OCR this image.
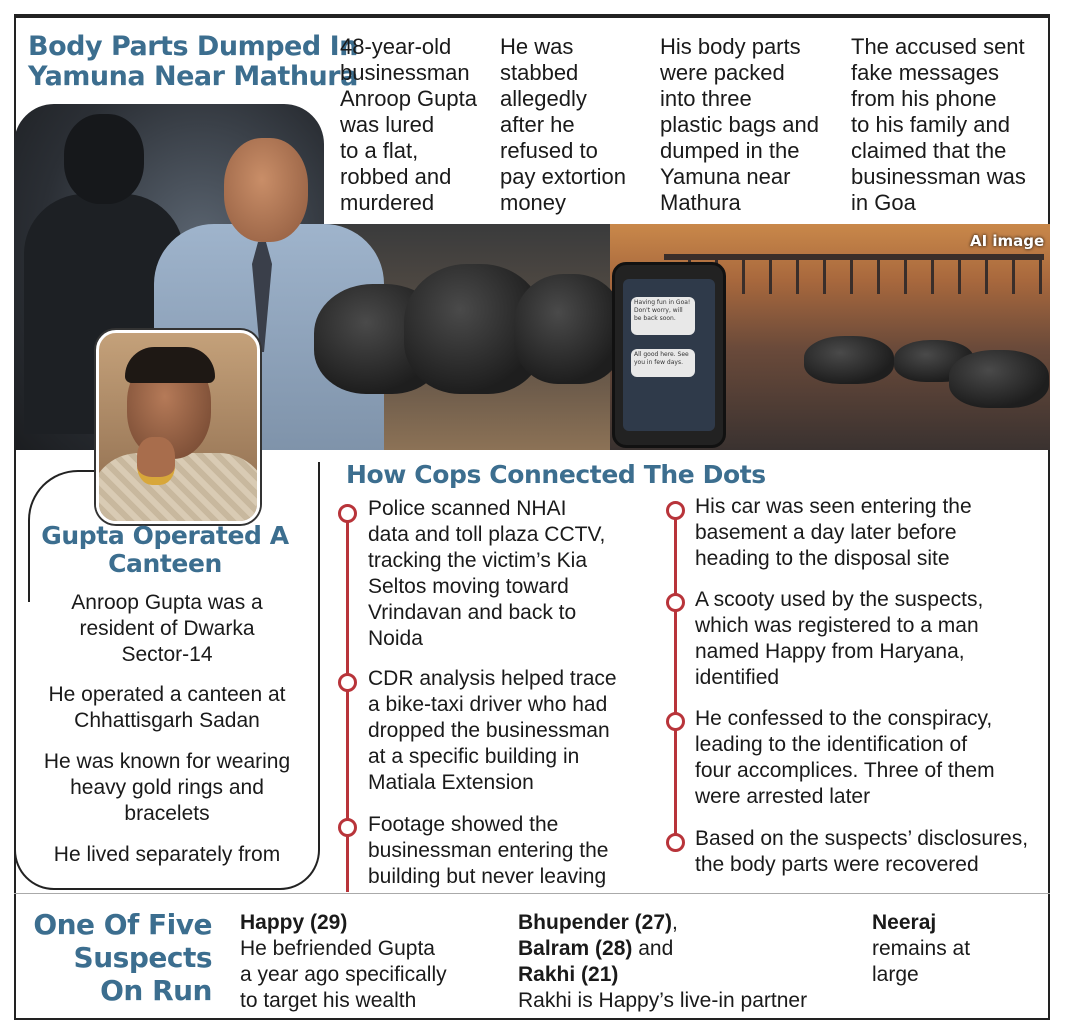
Body Parts Dumped In
Yamuna Near Mathura
48-year-old
businessman
Anroop Gupta
was lured
to a flat,
robbed and
murdered
He was
stabbed
allegedly
after he
refused to
pay extortion
money
His body parts
were packed
into three
plastic bags and
dumped in the
Yamuna near
Mathura
The accused sent
fake messages
from his phone
to his family and
claimed that the
businessman was
in Goa
Having fun in Goa! Don't worry, will be back soon.
All good here. See you in few days.
AI image
Gupta Operated A
Canteen
Anroop Gupta was a
resident of Dwarka
Sector-14
He operated a canteen at
Chhattisgarh Sadan
He was known for wearing
heavy gold rings and
bracelets
He lived separately from
How Cops Connected The Dots
Police scanned NHAI
data and toll plaza CCTV,
tracking the victim’s Kia
Seltos moving toward
Vrindavan and back to
Noida
CDR analysis helped trace
a bike-taxi driver who had
dropped the businessman
at a specific building in
Matiala Extension
Footage showed the
businessman entering the
building but never leaving
His car was seen entering the
basement a day later before
heading to the disposal site
A scooty used by the suspects,
which was registered to a man
named Happy from Haryana,
identified
He confessed to the conspiracy,
leading to the identification of
four accomplices. Three of them
were arrested later
Based on the suspects’ disclosures,
the body parts were recovered
One Of Five
Suspects
On Run
Happy (29)
He befriended Gupta
a year ago specifically
to target his wealth
Bhupender (27),
Balram (28) and
Rakhi (21)
Rakhi is Happy’s live-in partner
Neeraj
remains at
large
